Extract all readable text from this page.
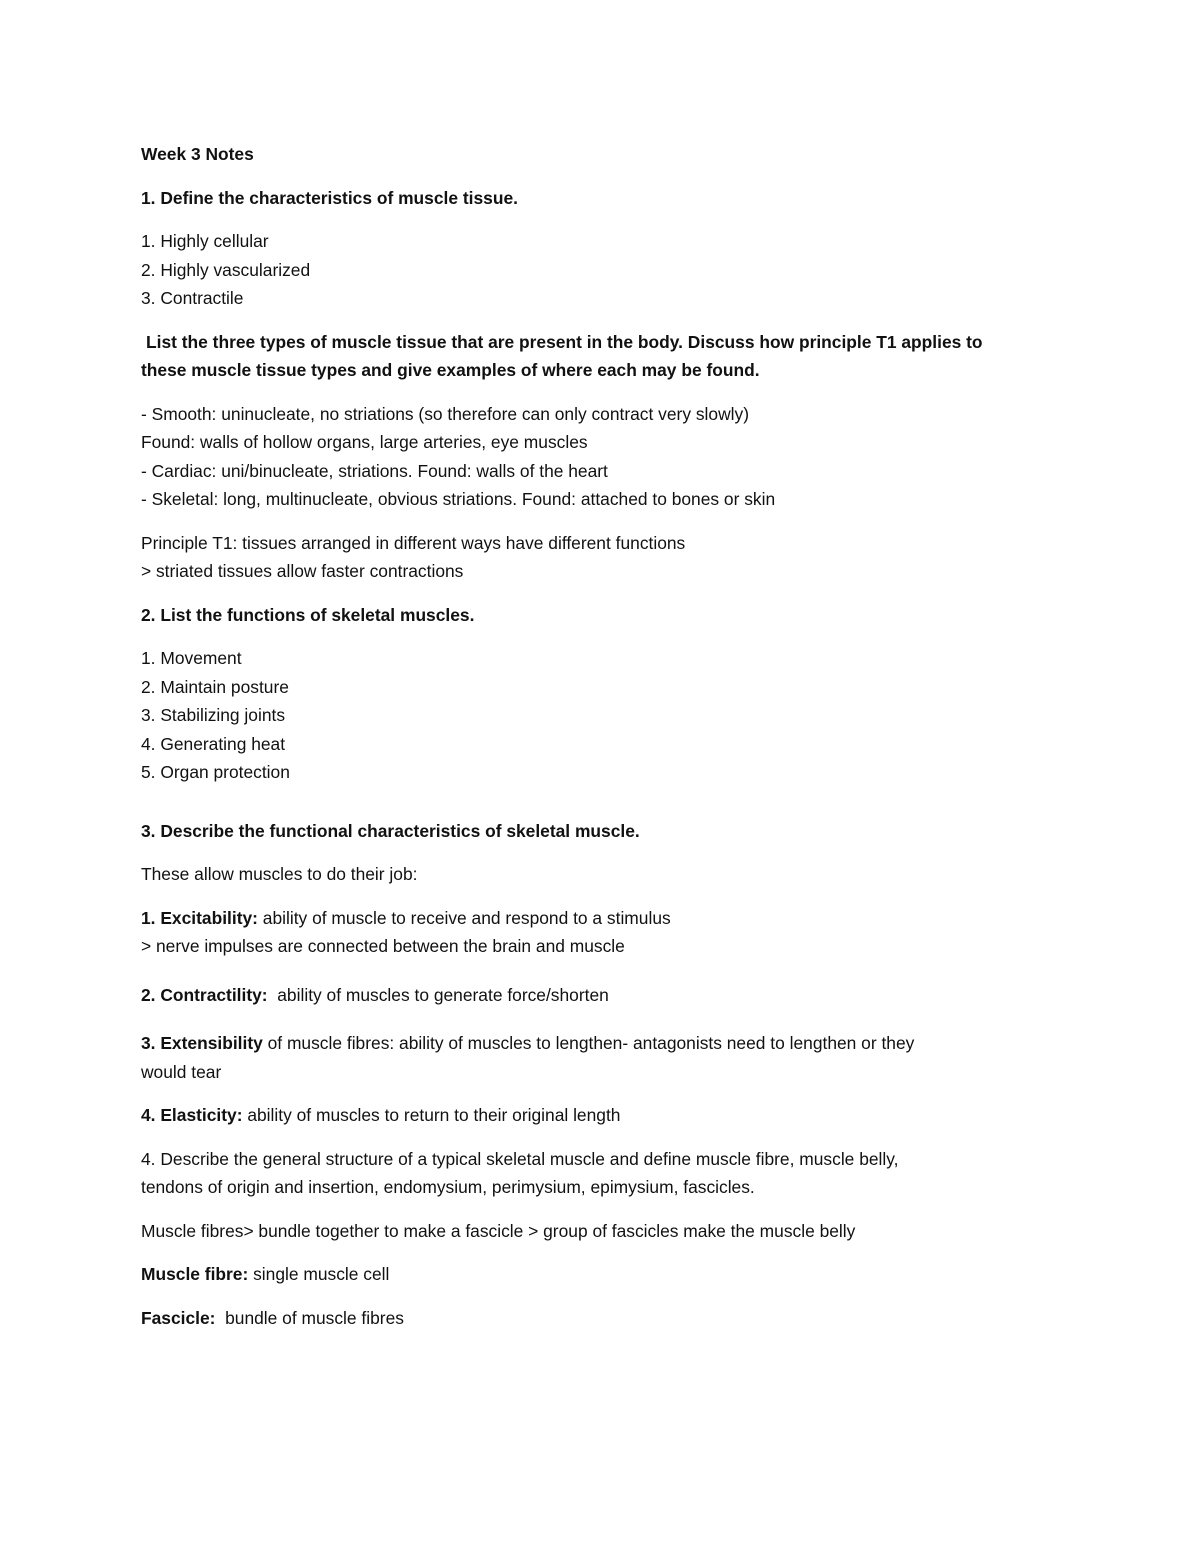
Week 3 Notes
1. Define the characteristics of muscle tissue.
1. Highly cellular
2. Highly vascularized
3. Contractile
List the three types of muscle tissue that are present in the body. Discuss how principle T1 applies to
these muscle tissue types and give examples of where each may be found.
- Smooth: uninucleate, no striations (so therefore can only contract very slowly)
Found: walls of hollow organs, large arteries, eye muscles
- Cardiac: uni/binucleate, striations. Found: walls of the heart
- Skeletal: long, multinucleate, obvious striations. Found: attached to bones or skin
Principle T1: tissues arranged in different ways have different functions
> striated tissues allow faster contractions
2. List the functions of skeletal muscles.
1. Movement
2. Maintain posture
3. Stabilizing joints
4. Generating heat
5. Organ protection
3. Describe the functional characteristics of skeletal muscle.
These allow muscles to do their job:
1. Excitability: ability of muscle to receive and respond to a stimulus
> nerve impulses are connected between the brain and muscle
2. Contractility:  ability of muscles to generate force/shorten
3. Extensibility of muscle fibres: ability of muscles to lengthen- antagonists need to lengthen or they
would tear
4. Elasticity: ability of muscles to return to their original length
4. Describe the general structure of a typical skeletal muscle and define muscle fibre, muscle belly,
tendons of origin and insertion, endomysium, perimysium, epimysium, fascicles.
Muscle fibres> bundle together to make a fascicle > group of fascicles make the muscle belly
Muscle fibre: single muscle cell
Fascicle:  bundle of muscle fibres
